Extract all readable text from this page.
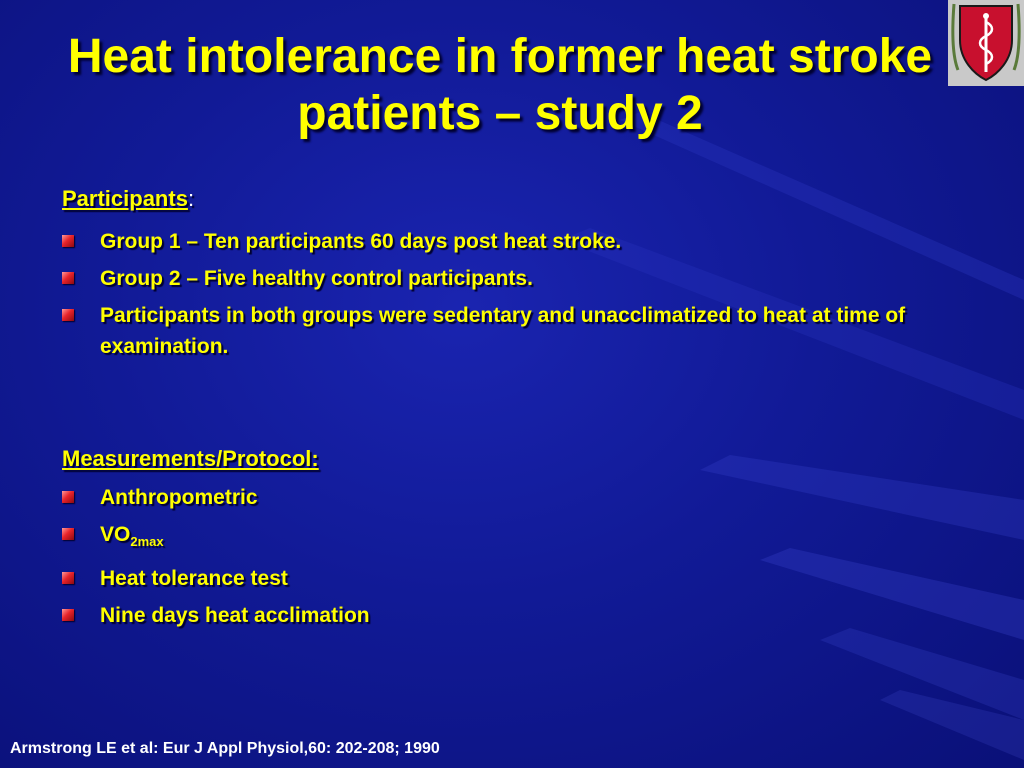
Heat intolerance in former heat stroke patients – study 2
Participants:
Group 1 – Ten participants 60 days post heat stroke.
Group 2 – Five healthy control participants.
Participants in both groups were sedentary and unacclimatized to heat at time of examination.
Measurements/Protocol:
Anthropometric
$VO_{2max}$
Heat tolerance test
Nine days heat acclimation
Armstrong LE et al: Eur J Appl Physiol,60: 202-208; 1990
